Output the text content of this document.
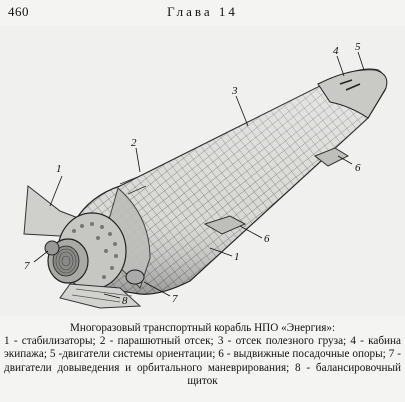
460	Глава 14
1
2
3
4 5
6
6
1
7
7
8
Многоразовый транспортный корабль НПО «Энергия»:
1 - стабилизаторы; 2 - парашютный отсек; 3 - отсек полезного груза; 4 - кабина экипажа; 5 -двигатели системы ориентации; 6 - выдвижные посадочные опоры; 7 - двигатели довыведения и орбитального маневрирования; 8 - балансировочный щиток
